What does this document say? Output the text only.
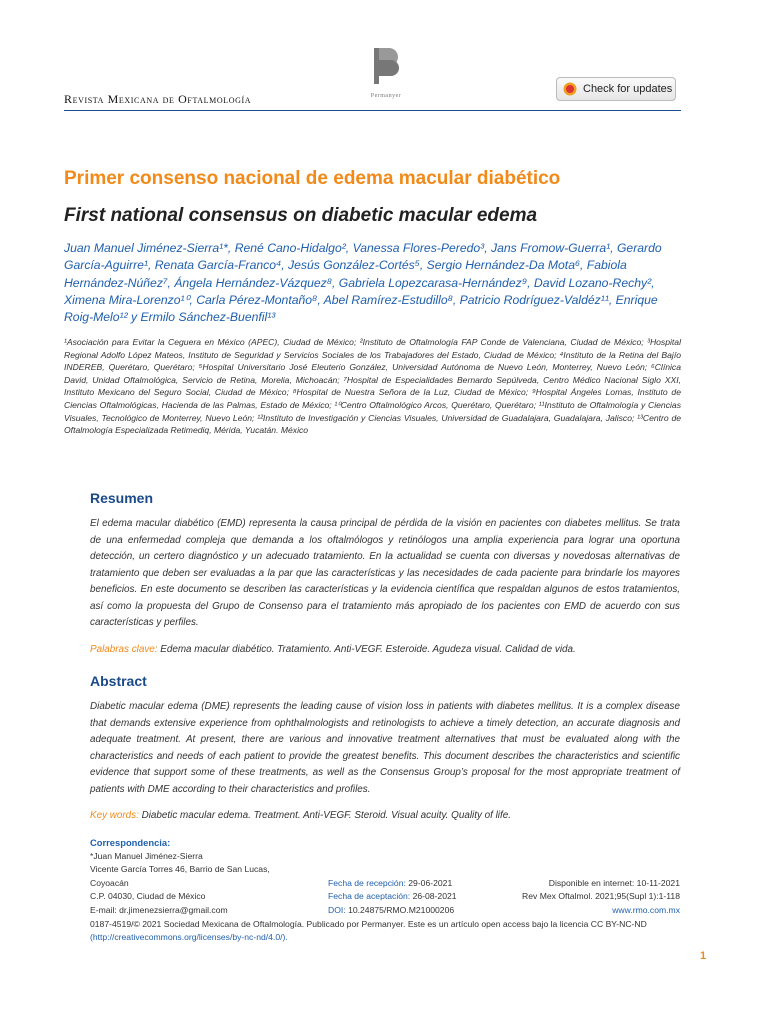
Revista Mexicana de Oftalmología	Permanyer
Check for updates
Primer consenso nacional de edema macular diabético
First national consensus on diabetic macular edema
Juan Manuel Jiménez-Sierra¹*, René Cano-Hidalgo², Vanessa Flores-Peredo³, Jans Fromow-Guerra¹, Gerardo García-Aguirre¹, Renata García-Franco⁴, Jesús González-Cortés⁵, Sergio Hernández-Da Mota⁶, Fabiola Hernández-Núñez⁷, Ángela Hernández-Vázquez⁸, Gabriela Lopezcarasa-Hernández⁹, David Lozano-Rechy², Ximena Mira-Lorenzo¹⁰, Carla Pérez-Montaño⁸, Abel Ramírez-Estudillo⁸, Patricio Rodríguez-Valdéz¹¹, Enrique Roig-Melo¹² y Ermilo Sánchez-Buenfil¹³
¹Asociación para Evitar la Ceguera en México (APEC), Ciudad de México; ²Instituto de Oftalmología FAP Conde de Valenciana, Ciudad de México; ³Hospital Regional Adolfo López Mateos, Instituto de Seguridad y Servicios Sociales de los Trabajadores del Estado, Ciudad de México; ⁴Instituto de la Retina del Bajío INDEREB, Querétaro, Querétaro; ⁵Hospital Universitario José Eleuterio González, Universidad Autónoma de Nuevo León, Monterrey, Nuevo León; ⁶Clínica David, Unidad Oftalmológica, Servicio de Retina, Morelia, Michoacán; ⁷Hospital de Especialidades Bernardo Sepúlveda, Centro Médico Nacional Siglo XXI, Instituto Mexicano del Seguro Social, Ciudad de México; ⁸Hospital de Nuestra Señora de la Luz, Ciudad de México; ⁹Hospital Ángeles Lomas, Instituto de Ciencias Oftalmológicas, Hacienda de las Palmas, Estado de México; ¹⁰Centro Oftalmológico Arcos, Querétaro, Querétaro; ¹¹Instituto de Oftalmología y Ciencias Visuales, Tecnológico de Monterrey, Nuevo León; ¹²Instituto de Investigación y Ciencias Visuales, Universidad de Guadalajara, Guadalajara, Jalisco; ¹³Centro de Oftalmología Especializada Retimediq, Mérida, Yucatán. México
Resumen
El edema macular diabético (EMD) representa la causa principal de pérdida de la visión en pacientes con diabetes mellitus. Se trata de una enfermedad compleja que demanda a los oftalmólogos y retinólogos una amplia experiencia para lograr una oportuna detección, un certero diagnóstico y un adecuado tratamiento. En la actualidad se cuenta con diversas y novedosas alternativas de tratamiento que deben ser evaluadas a la par que las características y las necesidades de cada paciente para brindarle los mayores beneficios. En este documento se describen las características y la evidencia científica que respaldan algunos de estos tratamientos, así como la propuesta del Grupo de Consenso para el tratamiento más apropiado de los pacientes con EMD de acuerdo con sus características y perfiles.
Palabras clave: Edema macular diabético. Tratamiento. Anti-VEGF. Esteroide. Agudeza visual. Calidad de vida.
Abstract
Diabetic macular edema (DME) represents the leading cause of vision loss in patients with diabetes mellitus. It is a complex disease that demands extensive experience from ophthalmologists and retinologists to achieve a timely detection, an accurate diagnosis and adequate treatment. At present, there are various and innovative treatment alternatives that must be evaluated along with the characteristics and needs of each patient to provide the greatest benefits. This document describes the characteristics and scientific evidence that support some of these treatments, as well as the Consensus Group’s proposal for the most appropriate treatment of patients with DME according to their characteristics and profiles.
Key words: Diabetic macular edema. Treatment. Anti-VEGF. Steroid. Visual acuity. Quality of life.
Correspondencia:
*Juan Manuel Jiménez-Sierra
Vicente García Torres 46, Barrio de San Lucas,
Coyoacán	Fecha de recepción: 29-06-2021	Disponible en internet: 10-11-2021
C.P. 04030, Ciudad de México	Fecha de aceptación: 26-08-2021	Rev Mex Oftalmol. 2021;95(Supl 1):1-118
E-mail: dr.jimenezsierra@gmail.com	DOI: 10.24875/RMO.M21000206	www.rmo.com.mx
0187-4519/© 2021 Sociedad Mexicana de Oftalmología. Publicado por Permanyer. Este es un artículo open access bajo la licencia CC BY-NC-ND
(http://creativecommons.org/licenses/by-nc-nd/4.0/).
1
